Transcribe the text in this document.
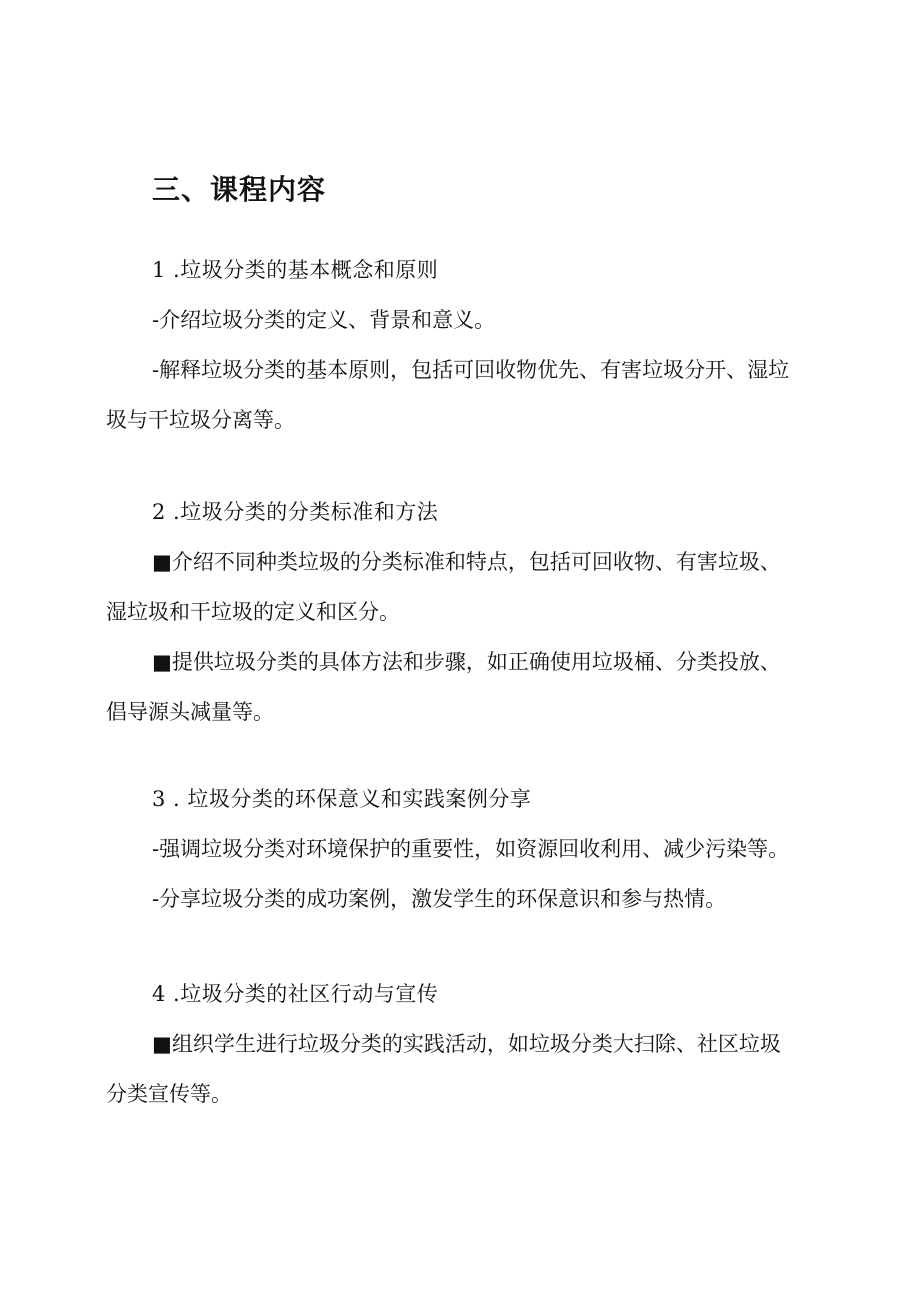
三、课程内容

1 .垃圾分类的基本概念和原则

-介绍垃圾分类的定义、背景和意义。

-解释垃圾分类的基本原则，包括可回收物优先、有害垃圾分开、湿垃

圾与干垃圾分离等。

2 .垃圾分类的分类标准和方法

■介绍不同种类垃圾的分类标准和特点，包括可回收物、有害垃圾、

湿垃圾和干垃圾的定义和区分。

■提供垃圾分类的具体方法和步骤，如正确使用垃圾桶、分类投放、

倡导源头减量等。

3 . 垃圾分类的环保意义和实践案例分享

-强调垃圾分类对环境保护的重要性，如资源回收利用、减少污染等。

-分享垃圾分类的成功案例，激发学生的环保意识和参与热情。

4 .垃圾分类的社区行动与宣传

■组织学生进行垃圾分类的实践活动，如垃圾分类大扫除、社区垃圾

分类宣传等。
